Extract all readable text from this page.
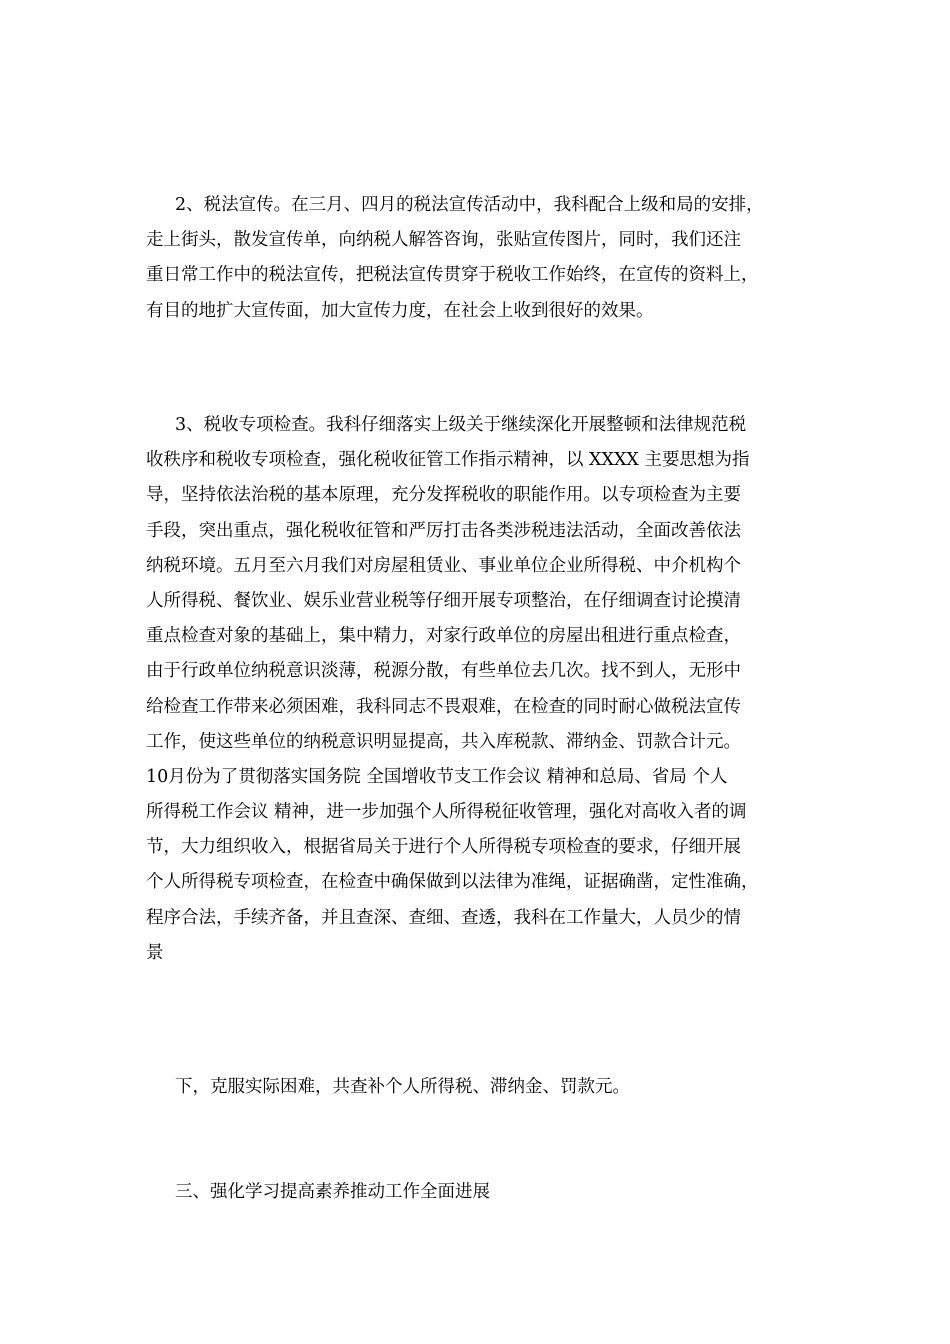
2、税法宣传。在三月、四月的税法宣传活动中，我科配合上级和局的安排，
走上街头，散发宣传单，向纳税人解答咨询，张贴宣传图片，同时，我们还注
重日常工作中的税法宣传，把税法宣传贯穿于税收工作始终，在宣传的资料上，
有目的地扩大宣传面，加大宣传力度，在社会上收到很好的效果。
3、税收专项检查。我科仔细落实上级关于继续深化开展整顿和法律规范税
收秩序和税收专项检查，强化税收征管工作指示精神，以 XXXX 主要思想为指
导，坚持依法治税的基本原理，充分发挥税收的职能作用。以专项检查为主要
手段，突出重点，强化税收征管和严厉打击各类涉税违法活动，全面改善依法
纳税环境。五月至六月我们对房屋租赁业、事业单位企业所得税、中介机构个
人所得税、餐饮业、娱乐业营业税等仔细开展专项整治，在仔细调查讨论摸清
重点检查对象的基础上，集中精力，对家行政单位的房屋出租进行重点检查，
由于行政单位纳税意识淡薄，税源分散，有些单位去几次。找不到人，无形中
给检查工作带来必须困难，我科同志不畏艰难，在检查的同时耐心做税法宣传
工作，使这些单位的纳税意识明显提高，共入库税款、滞纳金、罚款合计元。
10月份为了贯彻落实国务院 全国增收节支工作会议 精神和总局、省局 个人
所得税工作会议 精神，进一步加强个人所得税征收管理，强化对高收入者的调
节，大力组织收入，根据省局关于进行个人所得税专项检查的要求，仔细开展
个人所得税专项检查，在检查中确保做到以法律为准绳，证据确凿，定性准确，
程序合法，手续齐备，并且查深、查细、查透，我科在工作量大，人员少的情
景
下，克服实际困难，共查补个人所得税、滞纳金、罚款元。
三、强化学习提高素养推动工作全面进展
